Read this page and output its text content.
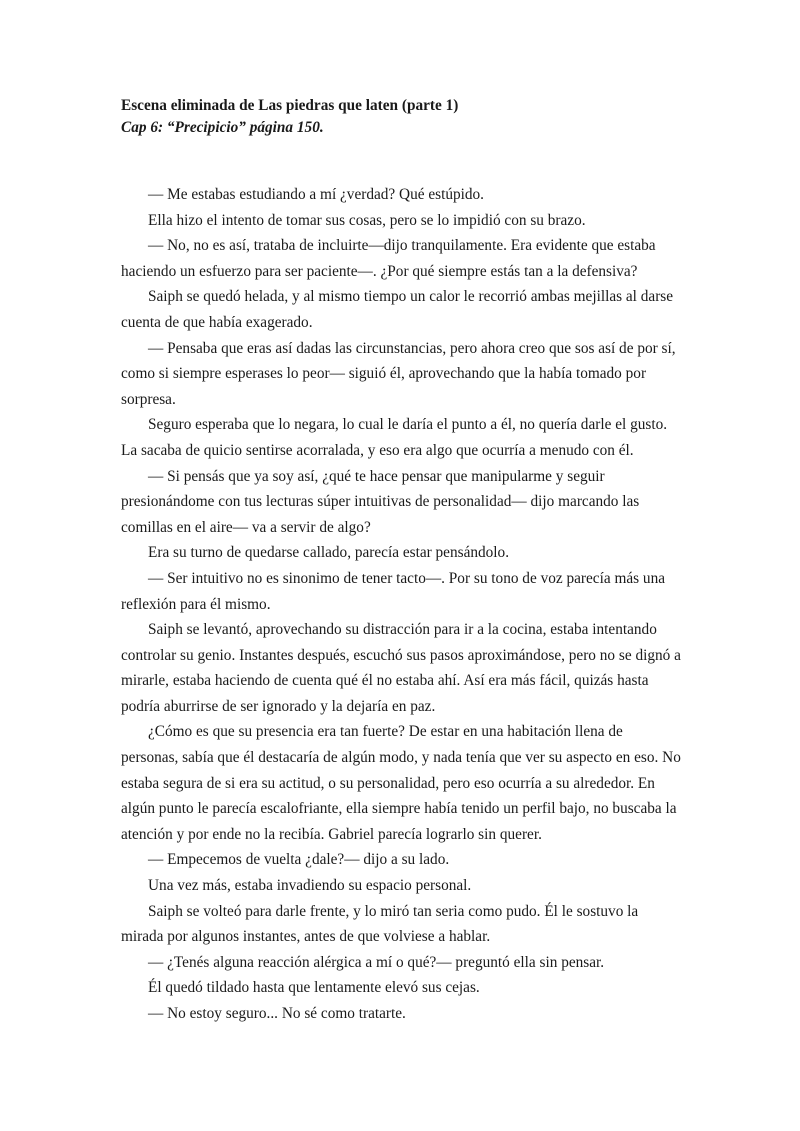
Escena eliminada de Las piedras que laten (parte 1)

Cap 6: “Precipicio” página 150.

— Me estabas estudiando a mí ¿verdad? Qué estúpido.

Ella hizo el intento de tomar sus cosas, pero se lo impidió con su brazo.

— No, no es así, trataba de incluirte—dijo tranquilamente. Era evidente que estaba haciendo un esfuerzo para ser paciente—. ¿Por qué siempre estás tan a la defensiva?

Saiph se quedó helada, y al mismo tiempo un calor le recorrió ambas mejillas al darse cuenta de que había exagerado.

— Pensaba que eras así dadas las circunstancias, pero ahora creo que sos así de por sí, como si siempre esperases lo peor— siguió él, aprovechando que la había tomado por sorpresa.

Seguro esperaba que lo negara, lo cual le daría el punto a él, no quería darle el gusto. La sacaba de quicio sentirse acorralada, y eso era algo que ocurría a menudo con él.

— Si pensás que ya soy así, ¿qué te hace pensar que manipularme y seguir presionándome con tus lecturas súper intuitivas de personalidad— dijo marcando las comillas en el aire— va a servir de algo?

Era su turno de quedarse callado, parecía estar pensándolo.

— Ser intuitivo no es sinonimo de tener tacto—. Por su tono de voz parecía más una reflexión para él mismo.

Saiph se levantó, aprovechando su distracción para ir a la cocina, estaba intentando controlar su genio. Instantes después, escuchó sus pasos aproximándose, pero no se dignó a mirarle, estaba haciendo de cuenta qué él no estaba ahí. Así era más fácil, quizás hasta podría aburrirse de ser ignorado y la dejaría en paz.

¿Cómo es que su presencia era tan fuerte? De estar en una habitación llena de personas, sabía que él destacaría de algún modo, y nada tenía que ver su aspecto en eso. No estaba segura de si era su actitud, o su personalidad, pero eso ocurría a su alrededor. En algún punto le parecía escalofriante, ella siempre había tenido un perfil bajo, no buscaba la atención y por ende no la recibía. Gabriel parecía lograrlo sin querer.

— Empecemos de vuelta ¿dale?— dijo a su lado.

Una vez más, estaba invadiendo su espacio personal.

Saiph se volteó para darle frente, y lo miró tan seria como pudo. Él le sostuvo la mirada por algunos instantes, antes de que volviese a hablar.

— ¿Tenés alguna reacción alérgica a mí o qué?— preguntó ella sin pensar.

Él quedó tildado hasta que lentamente elevó sus cejas.

— No estoy seguro... No sé como tratarte.
